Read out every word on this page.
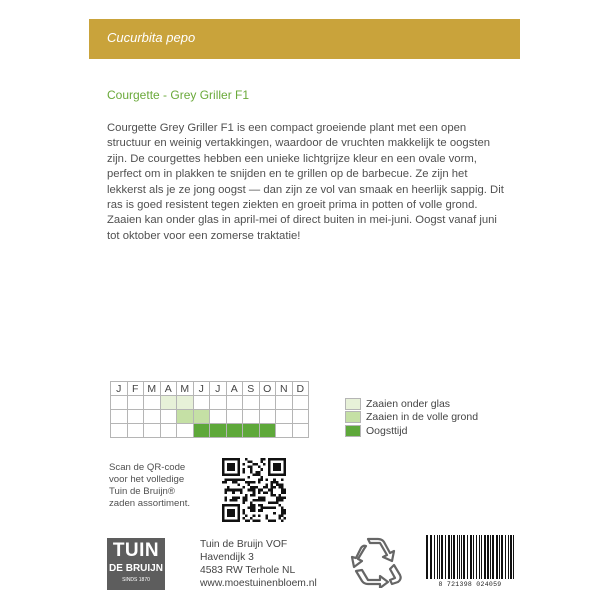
Cucurbita pepo
Courgette - Grey Griller F1

Courgette Grey Griller F1 is een compact groeiende plant met een open structuur en weinig vertakkingen, waardoor de vruchten makkelijk te oogsten zijn. De courgettes hebben een unieke lichtgrijze kleur en een ovale vorm, perfect om in plakken te snijden en te grillen op de barbecue. Ze zijn het lekkerst als je ze jong oogst — dan zijn ze vol van smaak en heerlijk sappig. Dit ras is goed resistent tegen ziekten en groeit prima in potten of volle grond. Zaaien kan onder glas in april-mei of direct buiten in mei-juni. Oogst vanaf juni tot oktober voor een zomerse traktatie!

J	F	M	A	M	J	J	A	S	O	N	D

Zaaien onder glas
Zaaien in de volle grond
Oogsttijd
Scan de QR-code
voor het volledige
Tuin de Bruijn®
zaden assortiment.
TUIN
DE BRUIJN
SINDS 1870
Tuin de Bruijn VOF
Havendijk 3
4583 RW Terhole NL
www.moestuinenbloem.nl	8 721398 024059
